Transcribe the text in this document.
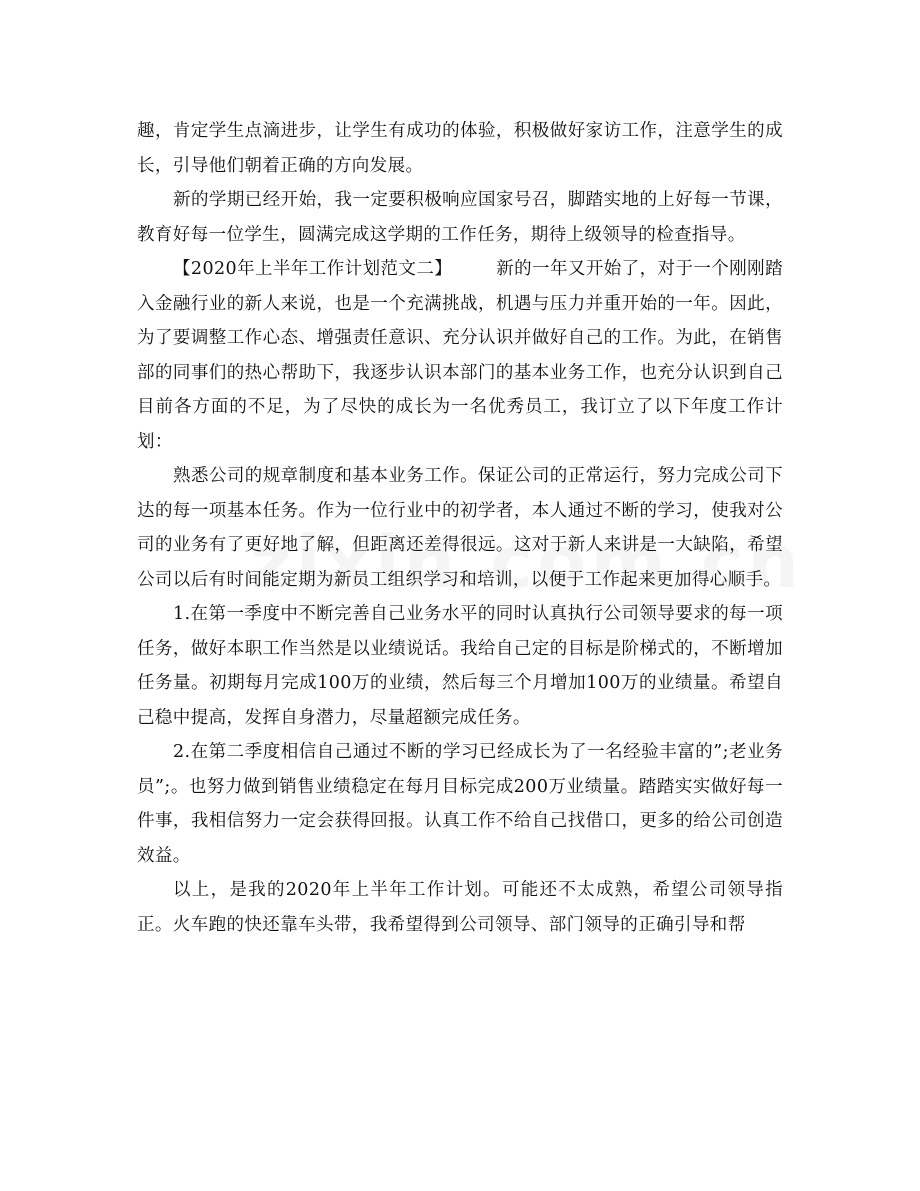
趣，肯定学生点滴进步，让学生有成功的体验，积极做好家访工作，注意学生的成长，引导他们朝着正确的方向发展。

新的学期已经开始，我一定要积极响应国家号召，脚踏实地的上好每一节课，教育好每一位学生，圆满完成这学期的工作任务，期待上级领导的检查指导。

【2020年上半年工作计划范文二】	新的一年又开始了，对于一个刚刚踏入金融行业的新人来说，也是一个充满挑战，机遇与压力并重开始的一年。因此，为了要调整工作心态、增强责任意识、充分认识并做好自己的工作。为此，在销售部的同事们的热心帮助下，我逐步认识本部门的基本业务工作，也充分认识到自己目前各方面的不足，为了尽快的成长为一名优秀员工，我订立了以下年度工作计划：

熟悉公司的规章制度和基本业务工作。保证公司的正常运行，努力完成公司下达的每一项基本任务。作为一位行业中的初学者，本人通过不断的学习，使我对公司的业务有了更好地了解，但距离还差得很远。这对于新人来讲是一大缺陷，希望公司以后有时间能定期为新员工组织学习和培训，以便于工作起来更加得心顺手。

1.在第一季度中不断完善自己业务水平的同时认真执行公司领导要求的每一项任务，做好本职工作当然是以业绩说话。我给自己定的目标是阶梯式的，不断增加任务量。初期每月完成100万的业绩，然后每三个月增加100万的业绩量。希望自己稳中提高，发挥自身潜力，尽量超额完成任务。

2.在第二季度相信自己通过不断的学习已经成长为了一名经验丰富的”;老业务员”;。也努力做到销售业绩稳定在每月目标完成200万业绩量。踏踏实实做好每一件事，我相信努力一定会获得回报。认真工作不给自己找借口，更多的给公司创造效益。

以上，是我的2020年上半年工作计划。可能还不太成熟，希望公司领导指正。火车跑的快还靠车头带，我希望得到公司领导、部门领导的正确引导和帮
